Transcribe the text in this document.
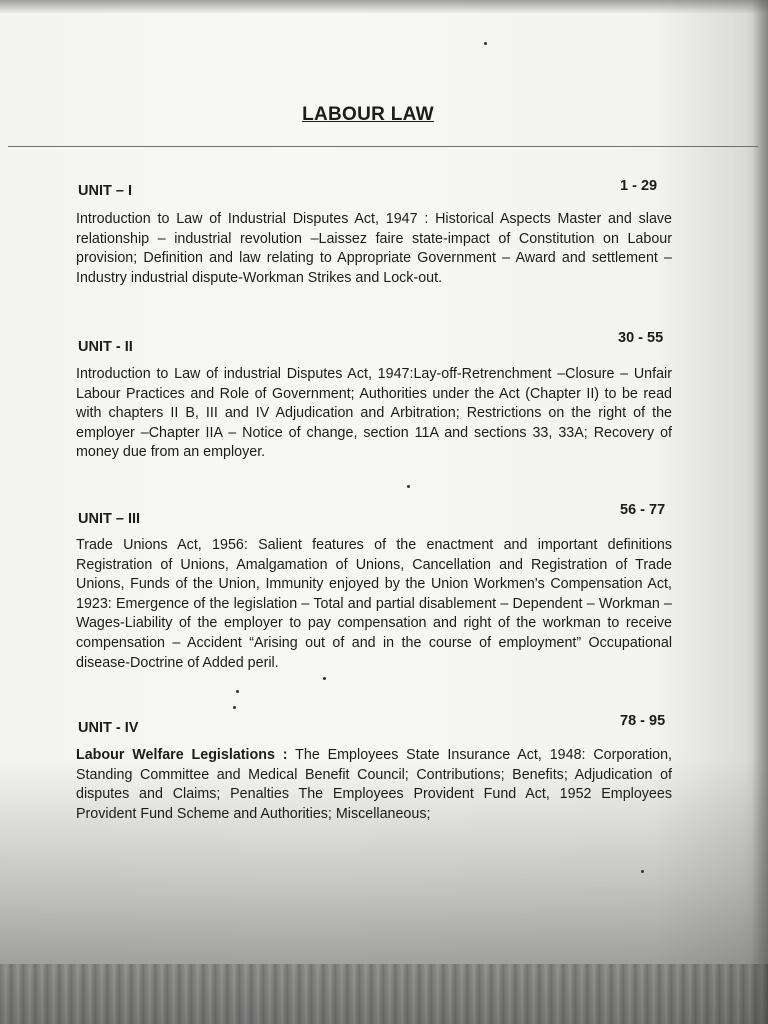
LABOUR LAW
UNIT – I	1 - 29
Introduction to Law of Industrial Disputes Act, 1947 : Historical Aspects Master and slave relationship – industrial revolution –Laissez faire state-impact of Constitution on Labour provision; Definition and law relating to Appropriate Government – Award and settlement – Industry industrial dispute-Workman Strikes and Lock-out.
UNIT - II
30 - 55
Introduction to Law of industrial Disputes Act, 1947:Lay-off-Retrenchment –Closure – Unfair Labour Practices and Role of Government; Authorities under the Act (Chapter II) to be read with chapters II B, III and IV Adjudication and Arbitration; Restrictions on the right of the employer –Chapter IIA – Notice of change, section 11A and sections 33, 33A; Recovery of money due from an employer.
UNIT – III
56 - 77
Trade Unions Act, 1956: Salient features of the enactment and important definitions Registration of Unions, Amalgamation of Unions, Cancellation and Registration of Trade Unions, Funds of the Union, Immunity enjoyed by the Union Workmen's Compensation Act, 1923: Emergence of the legislation – Total and partial disablement – Dependent – Workman – Wages-Liability of the employer to pay compensation and right of the workman to receive compensation – Accident “Arising out of and in the course of employment” Occupational disease-Doctrine of Added peril.
UNIT - IV	78 - 95
Labour Welfare Legislations : The Employees State Insurance Act, 1948: Corporation, Standing Committee and Medical Benefit Council; Contributions; Benefits; Adjudication of disputes and Claims; Penalties The Employees Provident Fund Act, 1952 Employees Provident Fund Scheme and Authorities; Miscellaneous;
